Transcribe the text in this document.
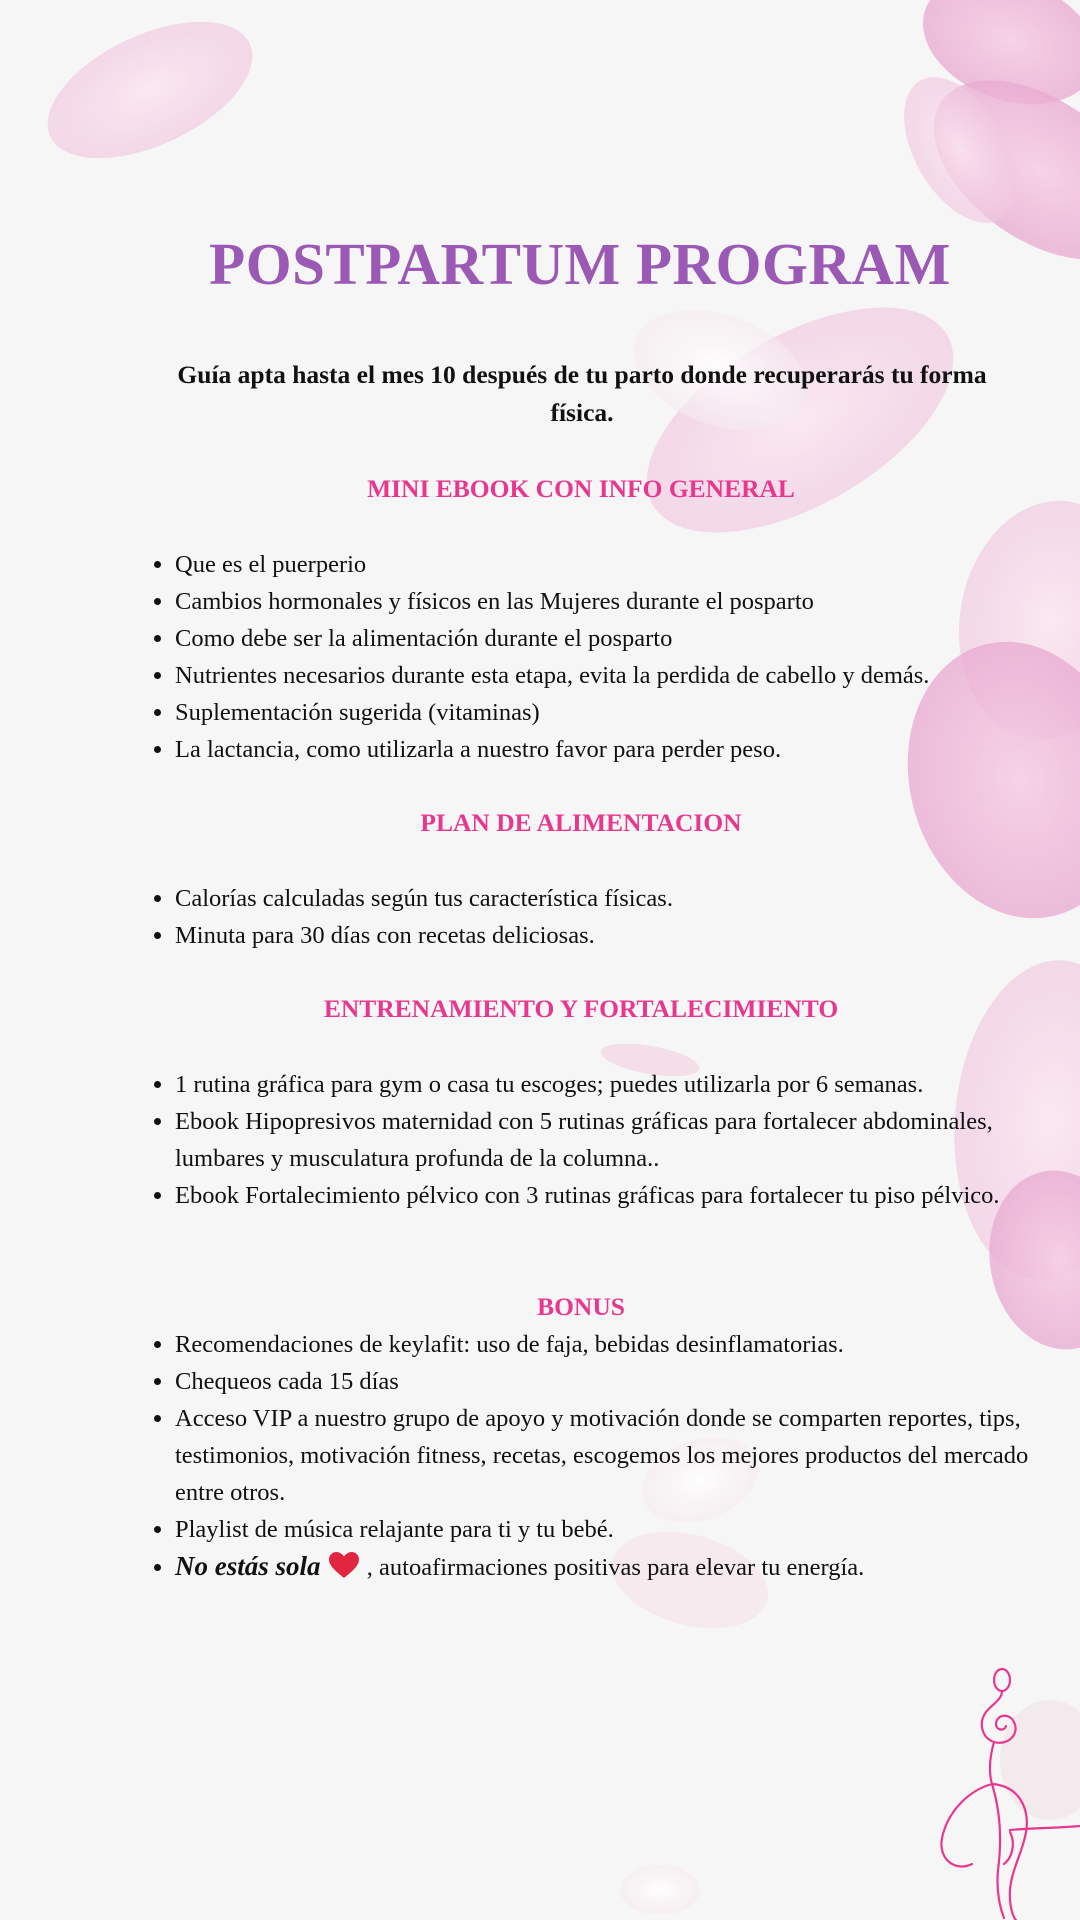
POSTPARTUM PROGRAM
Guía apta hasta el mes 10 después de tu parto donde recuperarás tu forma física.
MINI EBOOK CON INFO GENERAL
• Que es el puerperio
• Cambios hormonales y físicos en las Mujeres durante el posparto
• Como debe ser la alimentación durante el posparto
• Nutrientes necesarios durante esta etapa, evita la perdida de cabello y demás.
• Suplementación sugerida (vitaminas)
• La lactancia, como utilizarla a nuestro favor para perder peso.
PLAN DE ALIMENTACION
• Calorías calculadas según tus característica físicas.
• Minuta para 30 días con recetas deliciosas.
ENTRENAMIENTO Y FORTALECIMIENTO
• 1 rutina gráfica para gym o casa tu escoges; puedes utilizarla por 6 semanas.
• Ebook Hipopresivos maternidad con 5 rutinas gráficas para fortalecer abdominales, lumbares y musculatura profunda de la columna..
• Ebook Fortalecimiento pélvico con 3 rutinas gráficas para fortalecer tu piso pélvico.
BONUS
• Recomendaciones de keylafit: uso de faja, bebidas desinflamatorias.
• Chequeos cada 15 días
• Acceso VIP a nuestro grupo de apoyo y motivación donde se comparten reportes, tips, testimonios, motivación fitness, recetas, escogemos los mejores productos del mercado entre otros.
• Playlist de música relajante para ti y tu bebé.
• No estás sola  , autoafirmaciones positivas para elevar tu energía.
